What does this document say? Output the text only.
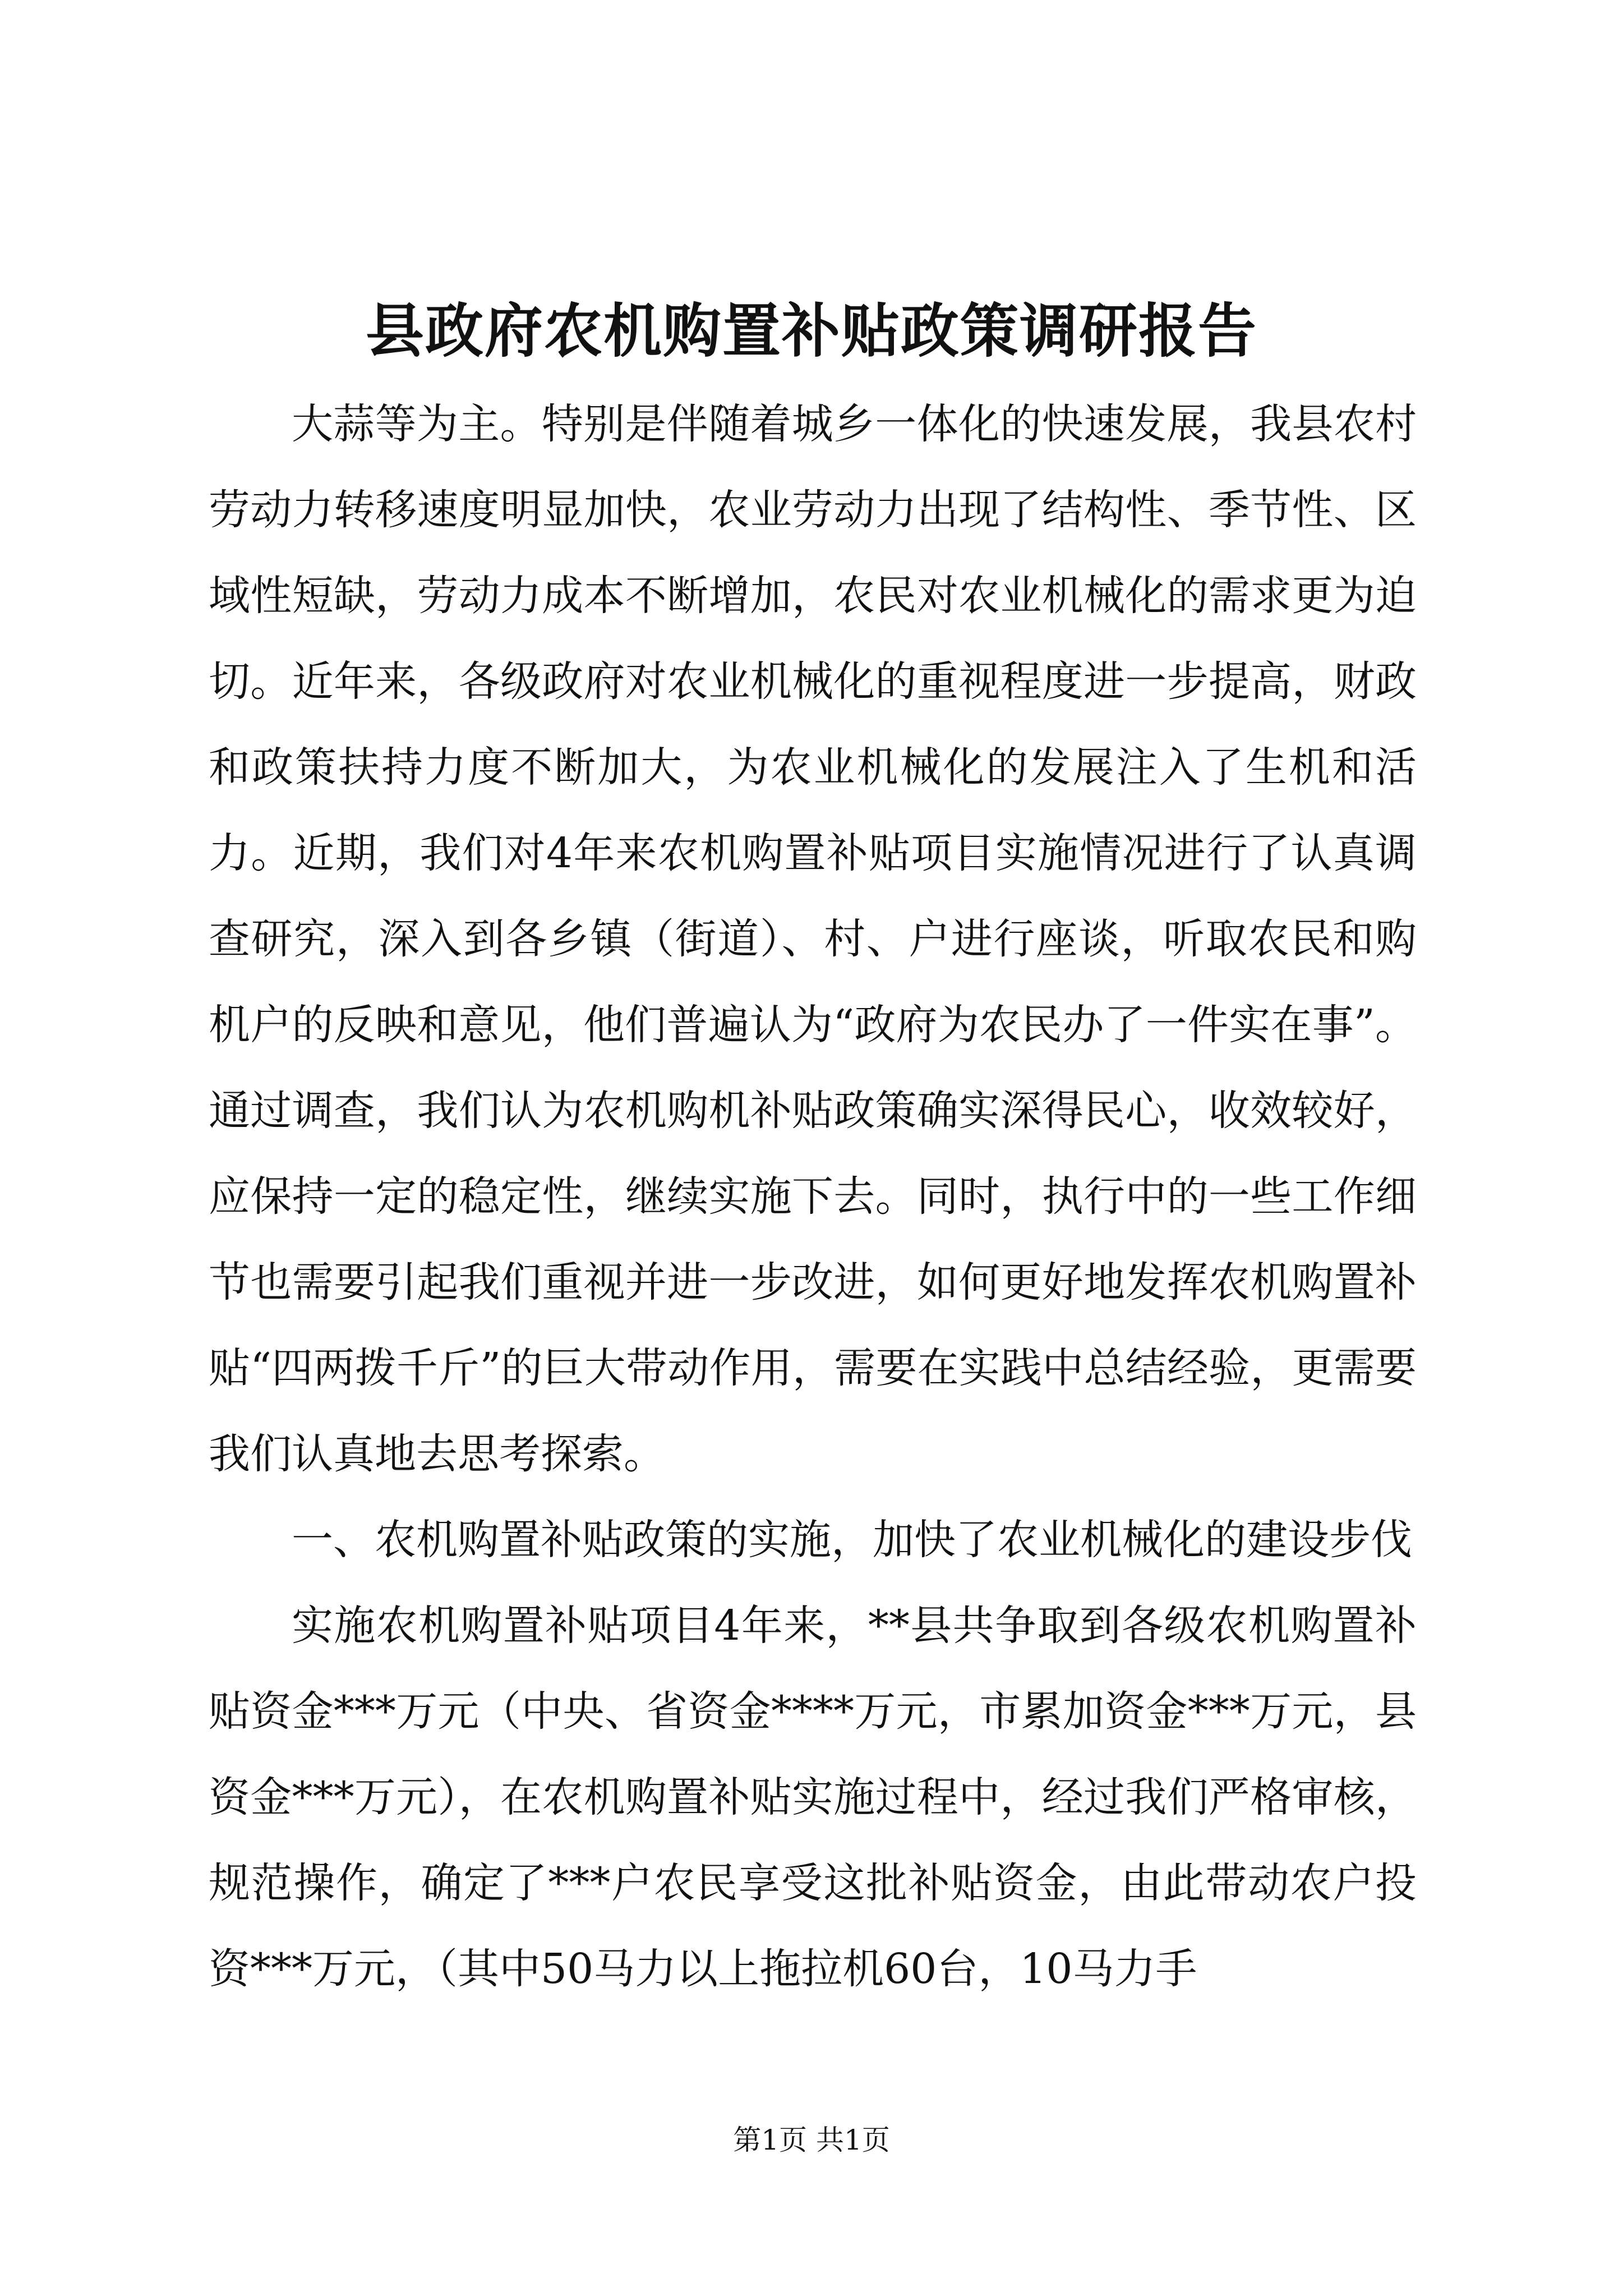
县政府农机购置补贴政策调研报告

大蒜等为主。特别是伴随着城乡一体化的快速发展，我县农村劳动力转移速度明显加快，农业劳动力出现了结构性、季节性、区域性短缺，劳动力成本不断增加，农民对农业机械化的需求更为迫切。近年来，各级政府对农业机械化的重视程度进一步提高，财政和政策扶持力度不断加大，为农业机械化的发展注入了生机和活力。近期，我们对4年来农机购置补贴项目实施情况进行了认真调查研究，深入到各乡镇（街道）、村、户进行座谈，听取农民和购机户的反映和意见，他们普遍认为“政府为农民办了一件实在事”。通过调查，我们认为农机购机补贴政策确实深得民心，收效较好，应保持一定的稳定性，继续实施下去。同时，执行中的一些工作细节也需要引起我们重视并进一步改进，如何更好地发挥农机购置补贴“四两拨千斤”的巨大带动作用，需要在实践中总结经验，更需要我们认真地去思考探索。

一、农机购置补贴政策的实施，加快了农业机械化的建设步伐

实施农机购置补贴项目4年来，**县共争取到各级农机购置补贴资金***万元（中央、省资金****万元，市累加资金***万元，县资金***万元），在农机购置补贴实施过程中，经过我们严格审核，规范操作，确定了***户农民享受这批补贴资金，由此带动农户投资***万元，（其中50马力以上拖拉机60台，10马力手

第1页 共1页
